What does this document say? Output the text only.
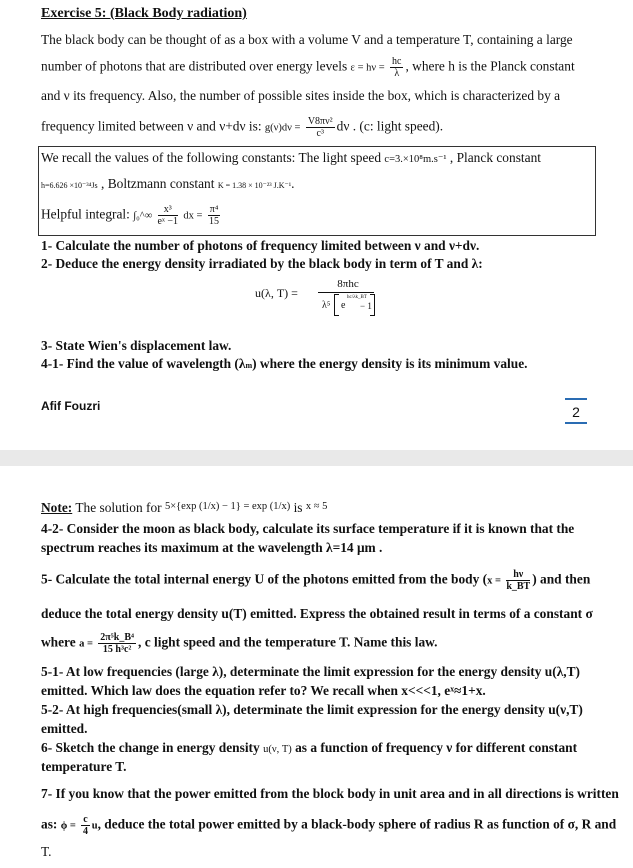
Exercise 5: (Black Body radiation)
The black body can be thought of as a box with a volume V and a temperature T, containing a large
number of photons that are distributed over energy levels $\varepsilon = h\nu = \frac{hc}{\lambda}$ , where h is the Planck constant
and ν its frequency. Also, the number of possible sites inside the box, which is characterized by a
frequency limited between ν and ν+dν is: $g(\nu)d\nu = \frac{\text{V8πν²}}{\text{c³}}$ dν . (c: light speed).
We recall the values of the following constants: The light speed c=3.×10⁸m.s⁻¹ , Planck constant
h=6.626 ×10⁻³⁴Js , Boltzmann constant K = 1.38 × 10⁻²³ J.K⁻¹.
Helpful integral: ∫₀^∞ $\frac{\text{x³}}{\text{eˣ −1}}$ dx = $\frac{\text{π⁴}}{15}$
1- Calculate the number of photons of frequency limited between ν and ν+dν.
2- Deduce the energy density irradiated by the black body in term of T and λ:
u(λ, T) =
8πhc
λ⁵ e
hc/λk_BT
− 1
3- State Wien's displacement law.
4-1- Find the value of wavelength (λm) where the energy density is its minimum value.
Afif Fouzri	2
Note: The solution for $^{5\times\{exp (1/x) - 1\} = exp (1/x)}$ is $^{x \approx 5}$
4-2- Consider the moon as black body, calculate its surface temperature if it is known that the
spectrum reaches its maximum at the wavelength λ=14 μm .
5- Calculate the total internal energy U of the photons emitted from the body ($x = \frac{h\nu}{k\_BT}$ ) and then
deduce the total energy density u(T) emitted. Express the obtained result in terms of a constant σ
where $a = \frac{\text{2π⁵k\_B⁴}}{\text{15 h³c²}}$ , c light speed and the temperature T. Name this law.
5-1- At low frequencies (large λ), determinate the limit expression for the energy density u(λ,T)
emitted. Which law does the equation refer to? We recall when x<<<1, eˣ≈1+x.
5-2- At high frequencies(small λ), determinate the limit expression for the energy density u(ν,T)
emitted.
6- Sketch the change in energy density u(ν, T) as a function of frequency ν for different constant
temperature T.
7- If you know that the power emitted from the block body in unit area and in all directions is written
as: $\phi = \frac{c}{4} u$, deduce the total power emitted by a black-body sphere of radius R as function of σ, R and
T.
